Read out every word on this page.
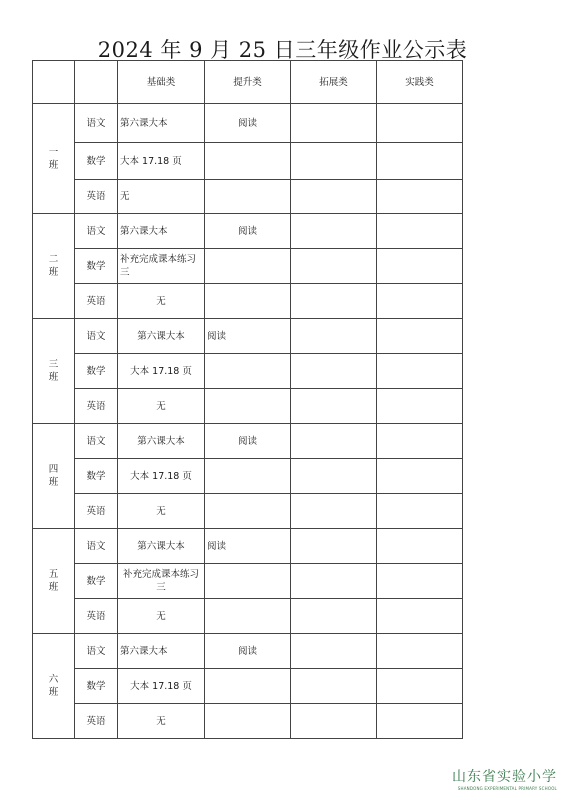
2024 年 9 月 25 日三年级作业公示表
		基础类	提升类	拓展类	实践类

一
班	语文	第六课大本	阅读		
	数学	大本 17.18 页			
	英语	无			

二
班	语文	第六课大本	阅读		
	数学	补充完成课本练习三			
	英语	无			

三
班	语文	第六课大本	阅读		
	数学	大本 17.18 页			
	英语	无			

四
班	语文	第六课大本	阅读		
	数学	大本 17.18 页			
	英语	无			

五
班	语文	第六课大本	阅读		
	数学	补充完成课本练习三			
	英语	无			

六
班	语文	第六课大本	阅读		
	数学	大本 17.18 页			
	英语	无			
山东省实验小学
SHANDONG EXPERIMENTAL PRIMARY SCHOOL
